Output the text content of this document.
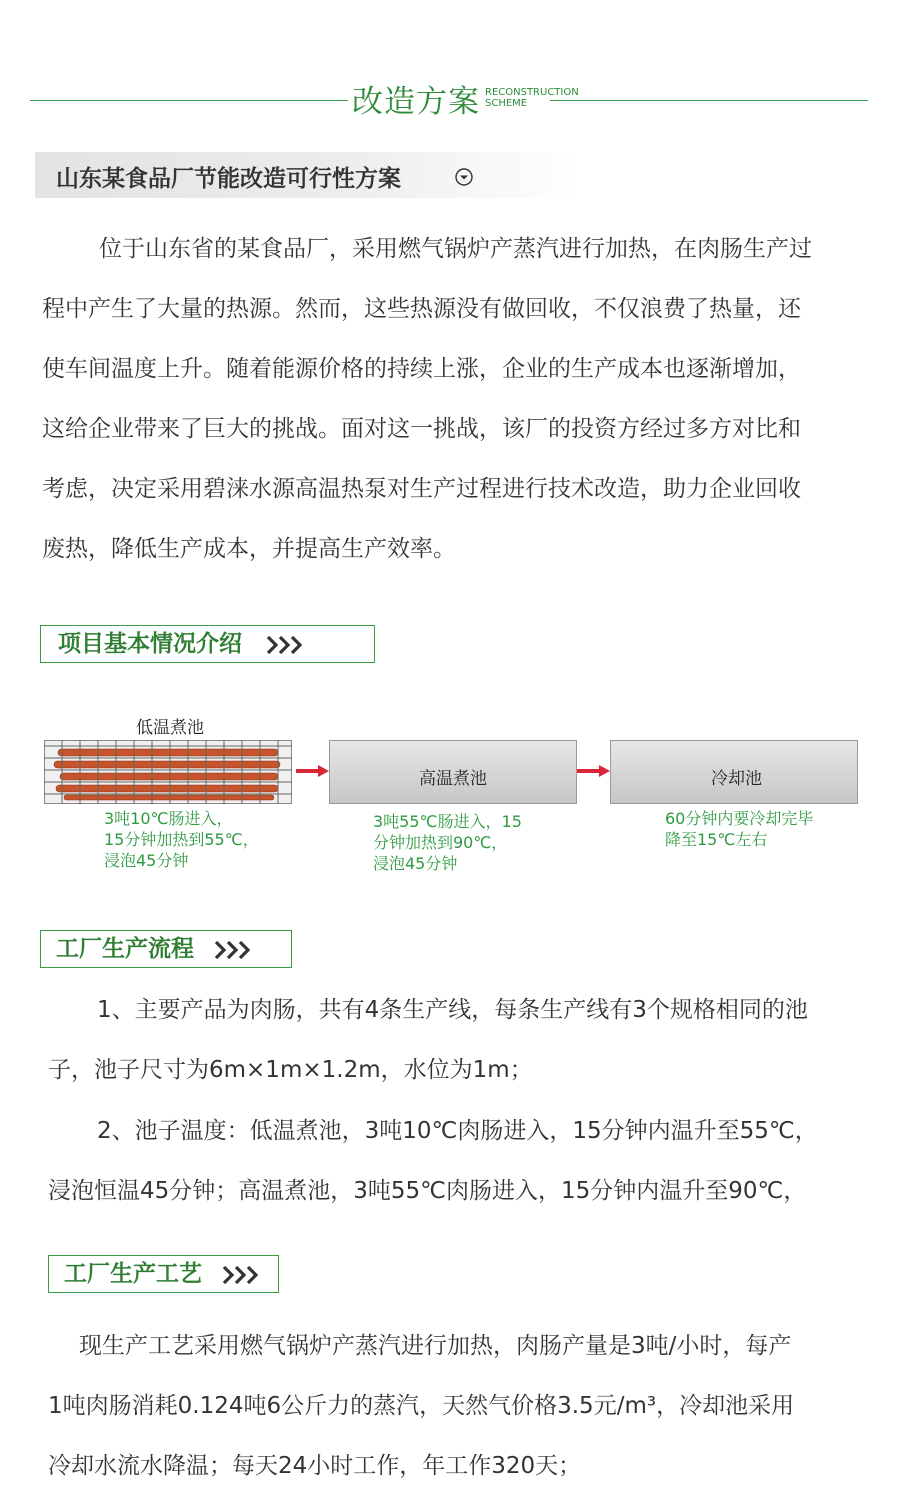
改造方案 RECONSTRUCTION
SCHEME
山东某食品厂节能改造可行性方案
位于山东省的某食品厂，采用燃气锅炉产蒸汽进行加热，在肉肠生产过
程中产生了大量的热源。然而，这些热源没有做回收，不仅浪费了热量，还
使车间温度上升。随着能源价格的持续上涨，企业的生产成本也逐渐增加，
这给企业带来了巨大的挑战。面对这一挑战，该厂的投资方经过多方对比和
考虑，决定采用碧涞水源高温热泵对生产过程进行技术改造，助力企业回收
废热，降低生产成本，并提高生产效率。
项目基本情况介绍
低温煮池
3吨10℃肠进入，
15分钟加热到55℃，
浸泡45分钟
高温煮池
3吨55℃肠进入，15
分钟加热到90℃，
浸泡45分钟
冷却池
60分钟内要冷却完毕
降至15℃左右
工厂生产流程
1、主要产品为肉肠，共有4条生产线，每条生产线有3个规格相同的池
子，池子尺寸为6m×1m×1.2m，水位为1m；
2、池子温度：低温煮池，3吨10℃肉肠进入，15分钟内温升至55℃，
浸泡恒温45分钟；高温煮池，3吨55℃肉肠进入，15分钟内温升至90℃，
工厂生产工艺
现生产工艺采用燃气锅炉产蒸汽进行加热，肉肠产量是3吨/小时，每产
1吨肉肠消耗0.124吨6公斤力的蒸汽，天然气价格3.5元/m³，冷却池采用
冷却水流水降温；每天24小时工作，年工作320天；
